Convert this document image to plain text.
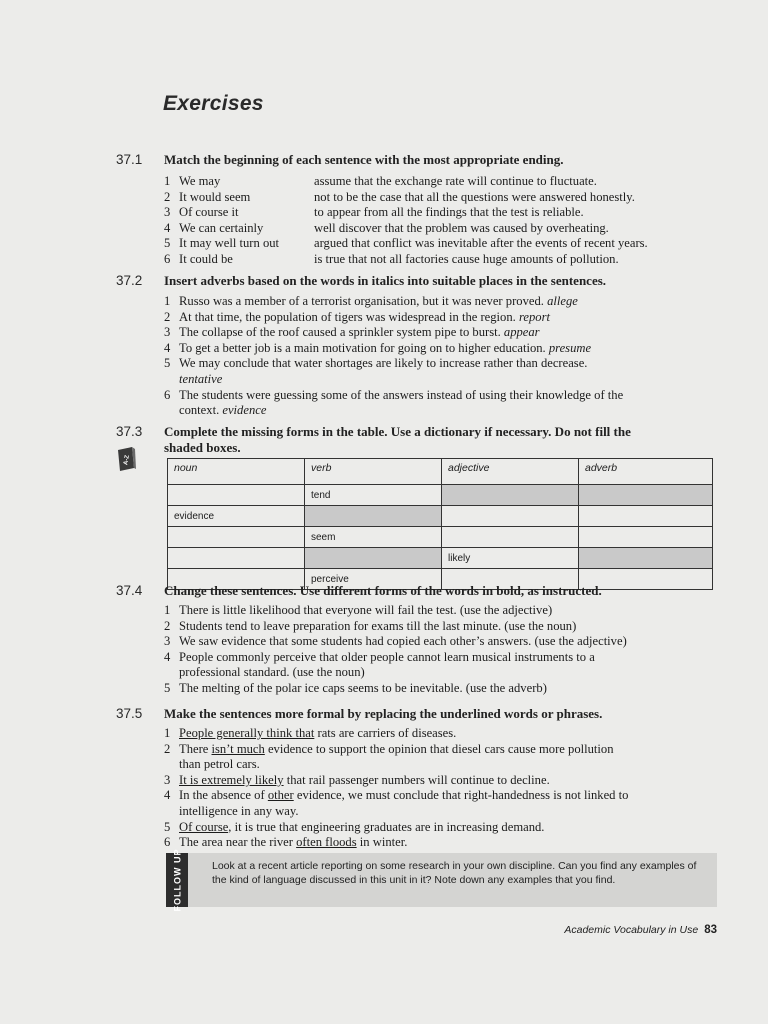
Exercises
37.1 Match the beginning of each sentence with the most appropriate ending.
1 We may	assume that the exchange rate will continue to fluctuate.
2 It would seem	not to be the case that all the questions were answered honestly.
3 Of course it	to appear from all the findings that the test is reliable.
4 We can certainly	well discover that the problem was caused by overheating.
5 It may well turn out	argued that conflict was inevitable after the events of recent years.
6 It could be	is true that not all factories cause huge amounts of pollution.
37.2 Insert adverbs based on the words in italics into suitable places in the sentences.
1 Russo was a member of a terrorist organisation, but it was never proved. allege
2 At that time, the population of tigers was widespread in the region. report
3 The collapse of the roof caused a sprinkler system pipe to burst. appear
4 To get a better job is a main motivation for going on to higher education. presume
5 We may conclude that water shortages are likely to increase rather than decrease.
tentative
6 The students were guessing some of the answers instead of using their knowledge of the
context. evidence
37.3 Complete the missing forms in the table. Use a dictionary if necessary. Do not fill the
shaded boxes.
A-Z
noun	verb	adjective	adverb
	tend		
evidence			
	seem		
		likely	
	perceive		
37.4 Change these sentences. Use different forms of the words in bold, as instructed.
1 There is little likelihood that everyone will fail the test. (use the adjective)
2 Students tend to leave preparation for exams till the last minute. (use the noun)
3 We saw evidence that some students had copied each other’s answers. (use the adjective)
4 People commonly perceive that older people cannot learn musical instruments to a
professional standard. (use the noun)
5 The melting of the polar ice caps seems to be inevitable. (use the adverb)
37.5 Make the sentences more formal by replacing the underlined words or phrases.
1 People generally think that rats are carriers of diseases.
2 There isn’t much evidence to support the opinion that diesel cars cause more pollution
than petrol cars.
3 It is extremely likely that rail passenger numbers will continue to decline.
4 In the absence of other evidence, we must conclude that right-handedness is not linked to
intelligence in any way.
5 Of course, it is true that engineering graduates are in increasing demand.
6 The area near the river often floods in winter.
FOLLOW UP	Look at a recent article reporting on some research in your own discipline. Can you find any examples of the kind of language discussed in this unit in it? Note down any examples that you find.
Academic Vocabulary in Use 83
